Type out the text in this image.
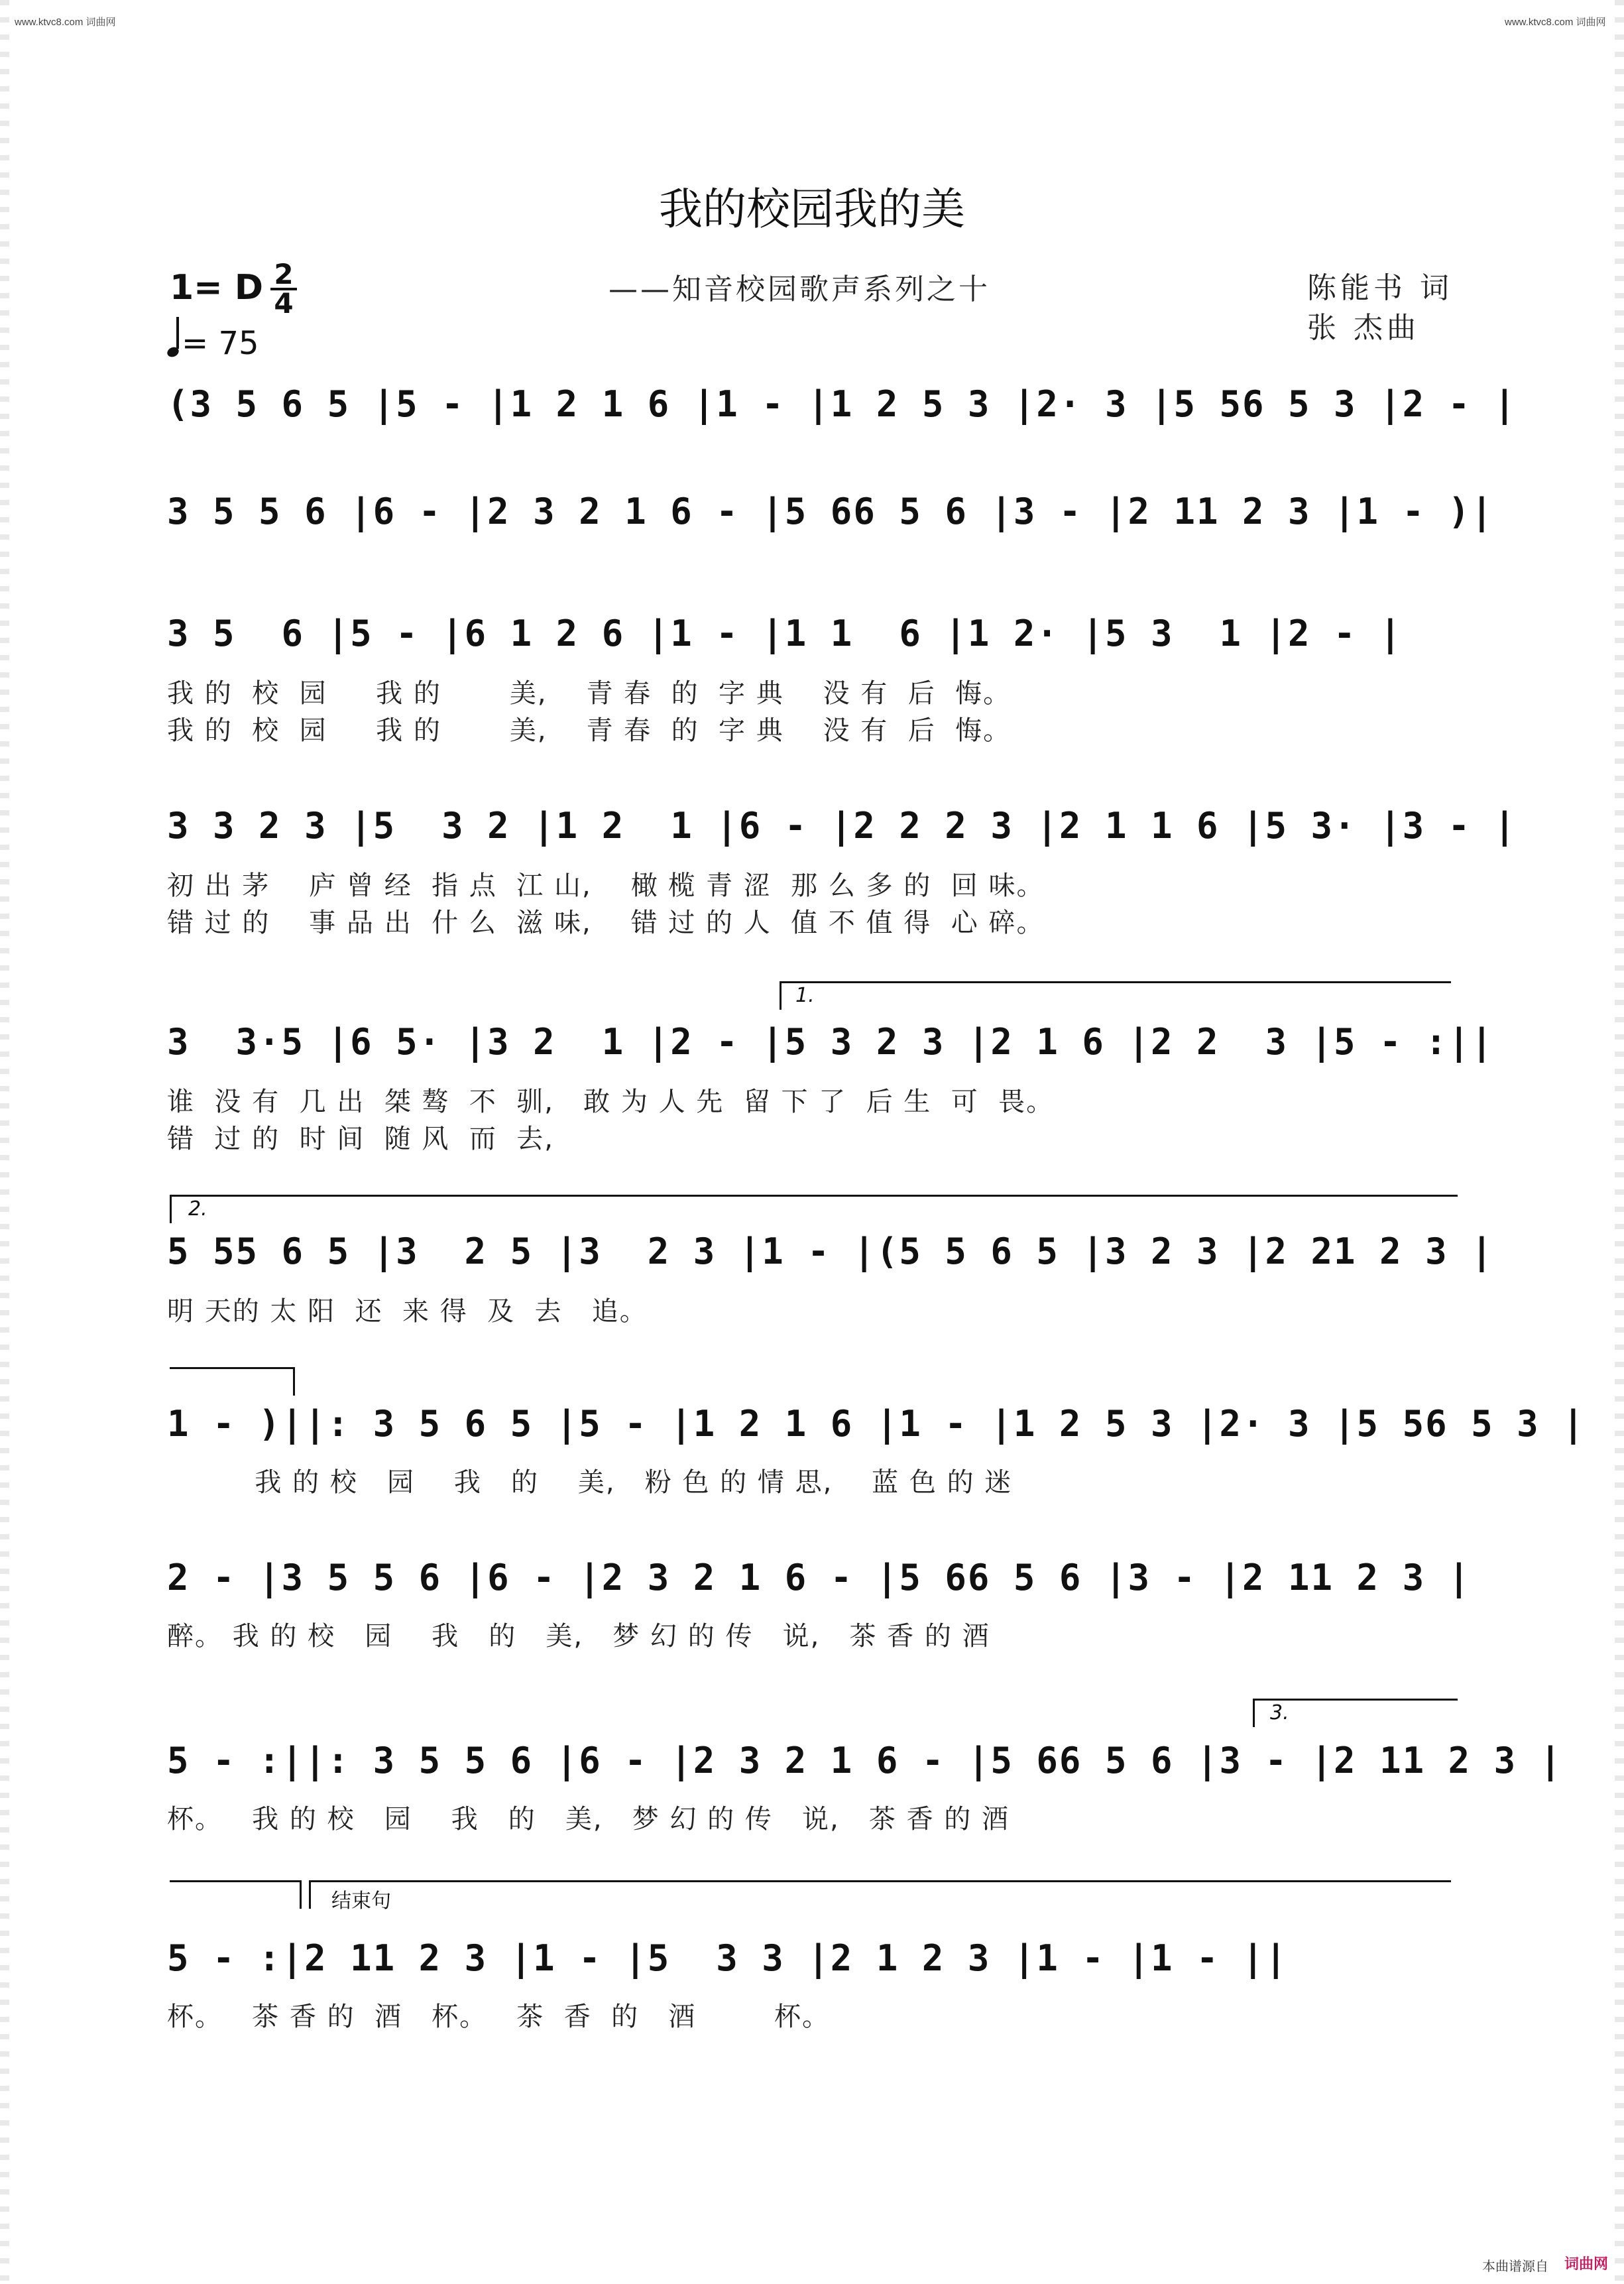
www.ktvc8.com 词曲网	www.ktvc8.com 词曲网
我的校园我的美
——知音校园歌声系列之十	陈能书 词
张 杰曲
1= D 2
4
= 75
(3 5 6 5 |5 - |1 2 1 6 |1 - |1 2 5 3 |2· 3 |5 56 5 3 |2 - |
3 5 5 6 |6 - |2 3 2 1 6 - |5 66 5 6 |3 - |2 11 2 3 |1 - )|
3 5  6 |5 - |6 1 2 6 |1 - |1 1  6 |1 2· |5 3  1 |2 - |
我 的  校  园     我 的       美,    青 春  的  字 典    没 有  后  悔。
我 的  校  园     我 的       美,    青 春  的  字 典    没 有  后  悔。
3 3 2 3 |5  3 2 |1 2  1 |6 - |2 2 2 3 |2 1 1 6 |5 3· |3 - |
初 出 茅    庐 曾 经  指 点  江 山,    橄 榄 青 涩  那 么 多 的  回 味。
错 过 的    事 品 出  什 么  滋 味,    错 过 的 人  值 不 值 得  心 碎。
1.
3  3·5 |6 5· |3 2  1 |2 - |5 3 2 3 |2 1 6 |2 2  3 |5 - :||
谁  没 有  几 出  桀 骜  不  驯,   敢 为 人 先  留 下 了  后 生  可  畏。
错  过 的  时 间  随 风  而  去,
2.
5 55 6 5 |3  2 5 |3  2 3 |1 - |(5 5 6 5 |3 2 3 |2 21 2 3 |
明 天的 太 阳  还  来 得  及  去   追。
1 - )||: 3 5 6 5 |5 - |1 2 1 6 |1 - |1 2 5 3 |2· 3 |5 56 5 3 |
我 的 校   园    我   的    美,   粉 色 的 情 思,    蓝 色 的 迷
2 - |3 5 5 6 |6 - |2 3 2 1 6 - |5 66 5 6 |3 - |2 11 2 3 |
醉。 我 的 校   园    我   的   美,   梦 幻 的 传   说,   茶 香 的 酒
3.
5 - :||: 3 5 5 6 |6 - |2 3 2 1 6 - |5 66 5 6 |3 - |2 11 2 3 |
杯。   我 的 校   园    我   的   美,   梦 幻 的 传   说,   茶 香 的 酒
结束句
5 - :|2 11 2 3 |1 - |5  3 3 |2 1 2 3 |1 - |1 - ||
杯。   茶 香 的  酒   杯。   茶  香  的   酒        杯。
本曲谱源自 词曲网
